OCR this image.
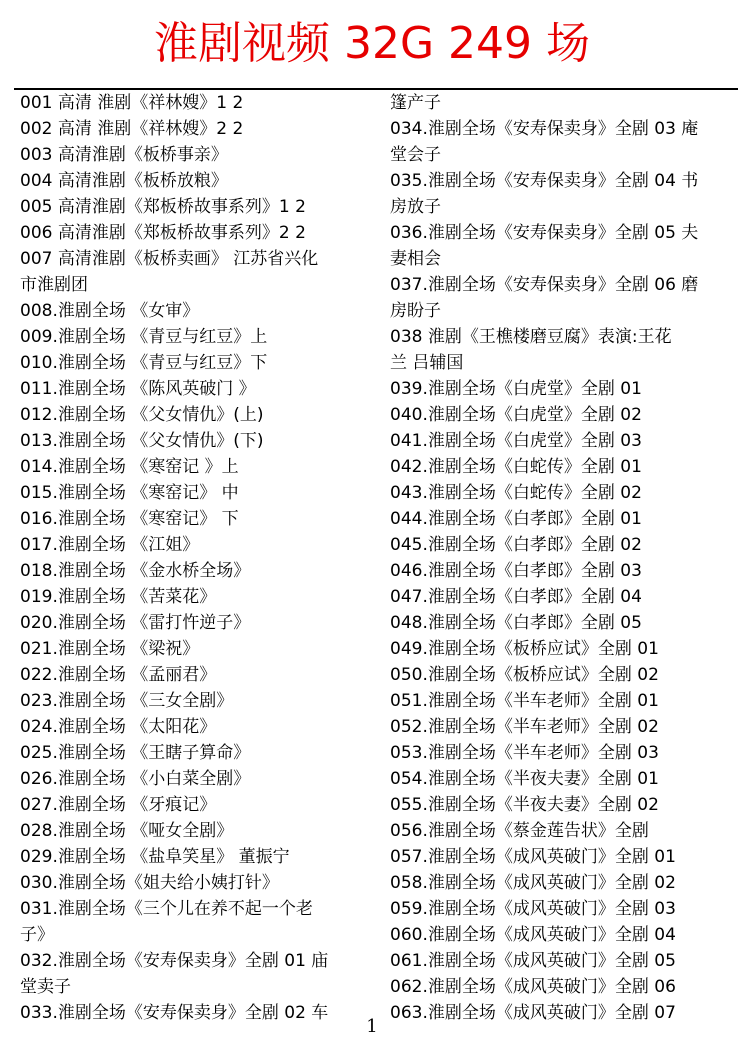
淮剧视频 32G 249 场
001 高清 淮剧《祥林嫂》1 2
002 高清 淮剧《祥林嫂》2 2
003 高清淮剧《板桥事亲》
004 高清淮剧《板桥放粮》
005 高清淮剧《郑板桥故事系列》1 2
006 高清淮剧《郑板桥故事系列》2 2
007 高清淮剧《板桥卖画》 江苏省兴化
市淮剧团
008.淮剧全场 《女审》
009.淮剧全场 《青豆与红豆》上
010.淮剧全场 《青豆与红豆》下
011.淮剧全场 《陈风英破门 》
012.淮剧全场 《父女情仇》(上)
013.淮剧全场 《父女情仇》(下)
014.淮剧全场 《寒窑记 》上
015.淮剧全场 《寒窑记》 中
016.淮剧全场 《寒窑记》 下
017.淮剧全场 《江姐》
018.淮剧全场 《金水桥全场》
019.淮剧全场 《苦菜花》
020.淮剧全场 《雷打忤逆子》
021.淮剧全场 《梁祝》
022.淮剧全场 《孟丽君》
023.淮剧全场 《三女全剧》
024.淮剧全场 《太阳花》
025.淮剧全场 《王瞎子算命》
026.淮剧全场 《小白菜全剧》
027.淮剧全场 《牙痕记》
028.淮剧全场 《哑女全剧》
029.淮剧全场 《盐阜笑星》 董振宁
030.淮剧全场《姐夫给小姨打针》
031.淮剧全场《三个儿在养不起一个老
子》
032.淮剧全场《安寿保卖身》全剧 01 庙
堂卖子
033.淮剧全场《安寿保卖身》全剧 02 车
篷产子
034.淮剧全场《安寿保卖身》全剧 03 庵
堂会子
035.淮剧全场《安寿保卖身》全剧 04 书
房放子
036.淮剧全场《安寿保卖身》全剧 05 夫
妻相会
037.淮剧全场《安寿保卖身》全剧 06 磨
房盼子
038 淮剧《王樵楼磨豆腐》表演:王花
兰 吕辅国
039.淮剧全场《白虎堂》全剧 01
040.淮剧全场《白虎堂》全剧 02
041.淮剧全场《白虎堂》全剧 03
042.淮剧全场《白蛇传》全剧 01
043.淮剧全场《白蛇传》全剧 02
044.淮剧全场《白孝郎》全剧 01
045.淮剧全场《白孝郎》全剧 02
046.淮剧全场《白孝郎》全剧 03
047.淮剧全场《白孝郎》全剧 04
048.淮剧全场《白孝郎》全剧 05
049.淮剧全场《板桥应试》全剧 01
050.淮剧全场《板桥应试》全剧 02
051.淮剧全场《半车老师》全剧 01
052.淮剧全场《半车老师》全剧 02
053.淮剧全场《半车老师》全剧 03
054.淮剧全场《半夜夫妻》全剧 01
055.淮剧全场《半夜夫妻》全剧 02
056.淮剧全场《蔡金莲告状》全剧
057.淮剧全场《成风英破门》全剧 01
058.淮剧全场《成风英破门》全剧 02
059.淮剧全场《成风英破门》全剧 03
060.淮剧全场《成风英破门》全剧 04
061.淮剧全场《成风英破门》全剧 05
062.淮剧全场《成风英破门》全剧 06
063.淮剧全场《成风英破门》全剧 07
1
